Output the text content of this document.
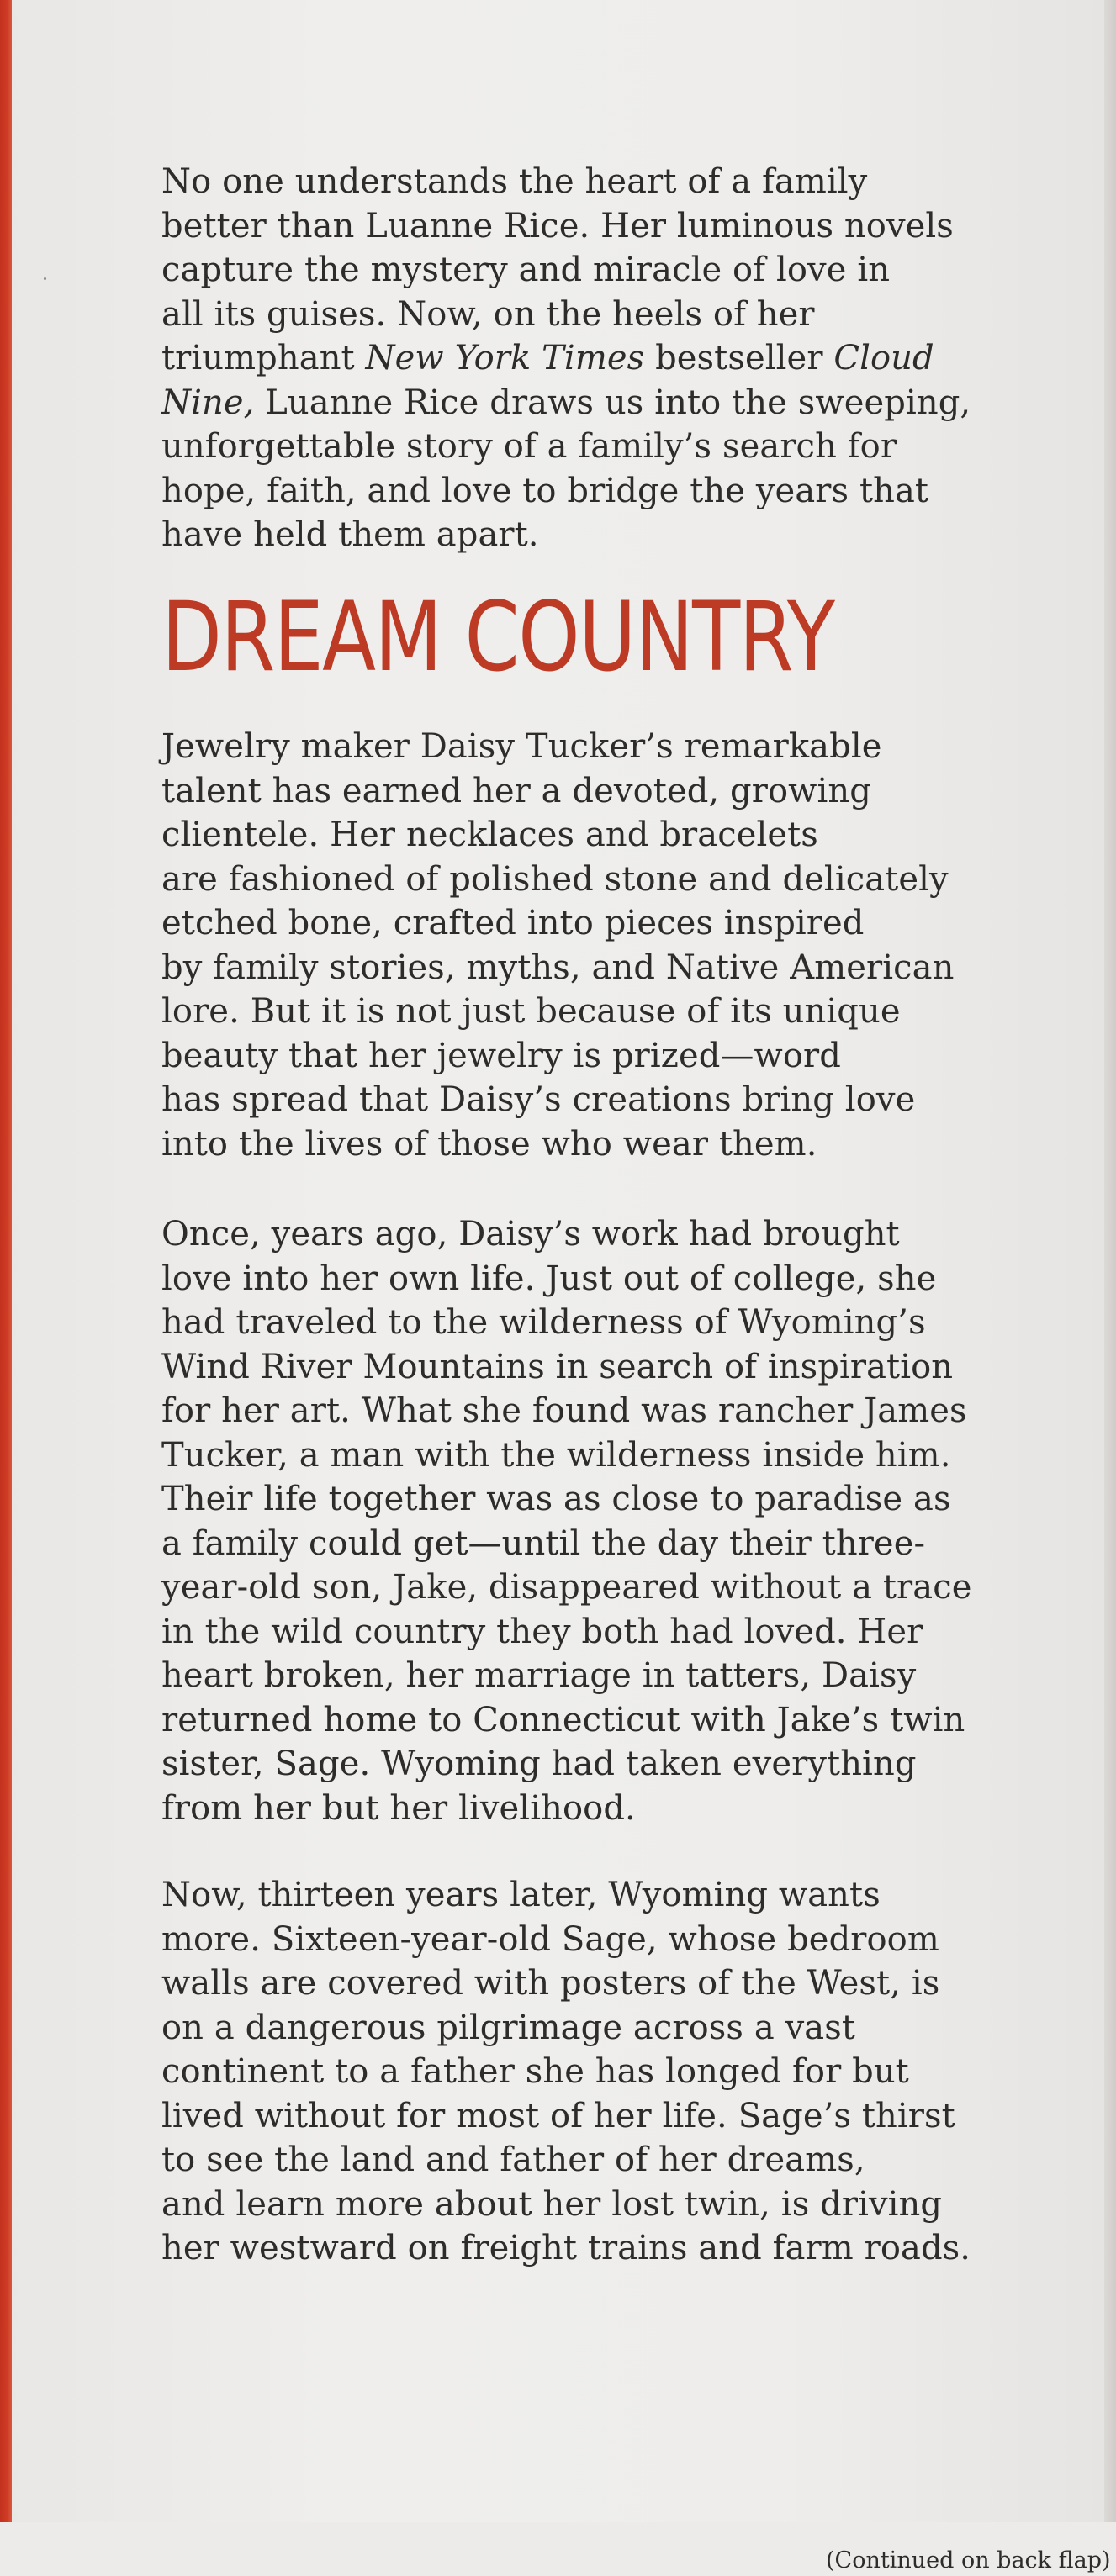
No one understands the heart of a family
better than Luanne Rice. Her luminous novels
capture the mystery and miracle of love in
all its guises. Now, on the heels of her
triumphant New York Times bestseller Cloud
Nine, Luanne Rice draws us into the sweeping,
unforgettable story of a family’s search for
hope, faith, and love to bridge the years that
have held them apart.

DREAM COUNTRY

Jewelry maker Daisy Tucker’s remarkable
talent has earned her a devoted, growing
clientele. Her necklaces and bracelets
are fashioned of polished stone and delicately
etched bone, crafted into pieces inspired
by family stories, myths, and Native American
lore. But it is not just because of its unique
beauty that her jewelry is prized—word
has spread that Daisy’s creations bring love
into the lives of those who wear them.

Once, years ago, Daisy’s work had brought
love into her own life. Just out of college, she
had traveled to the wilderness of Wyoming’s
Wind River Mountains in search of inspiration
for her art. What she found was rancher James
Tucker, a man with the wilderness inside him.
Their life together was as close to paradise as
a family could get—until the day their three-
year-old son, Jake, disappeared without a trace
in the wild country they both had loved. Her
heart broken, her marriage in tatters, Daisy
returned home to Connecticut with Jake’s twin
sister, Sage. Wyoming had taken everything
from her but her livelihood.

Now, thirteen years later, Wyoming wants
more. Sixteen-year-old Sage, whose bedroom
walls are covered with posters of the West, is
on a dangerous pilgrimage across a vast
continent to a father she has longed for but
lived without for most of her life. Sage’s thirst
to see the land and father of her dreams,
and learn more about her lost twin, is driving
her westward on freight trains and farm roads.

(Continued on back flap)
